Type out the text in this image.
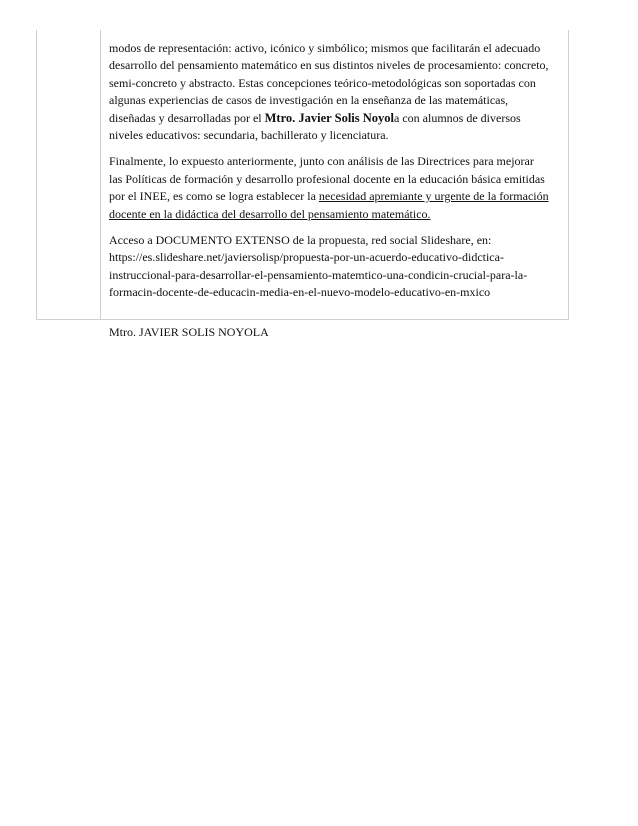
modos de representación: activo, icónico y simbólico; mismos que facilitarán el adecuado
desarrollo del pensamiento matemático en sus distintos niveles de procesamiento: concreto,
semi-concreto y abstracto. Estas concepciones teórico-metodológicas son soportadas con
algunas experiencias de casos de investigación en la enseñanza de las matemáticas,
diseñadas y desarrolladas por el Mtro. Javier Solis Noyola con alumnos de diversos
niveles educativos: secundaria, bachillerato y licenciatura.
Finalmente, lo expuesto anteriormente, junto con análisis de las Directrices para mejorar
las Políticas de formación y desarrollo profesional docente en la educación básica emitidas
por el INEE, es como se logra establecer la necesidad apremiante y urgente de la formación
docente en la didáctica del desarrollo del pensamiento matemático.
Acceso a DOCUMENTO EXTENSO de la propuesta, red social Slideshare, en:
https://es.slideshare.net/javiersolisp/propuesta-por-un-acuerdo-educativo-didctica-
instruccional-para-desarrollar-el-pensamiento-matemtico-una-condicin-crucial-para-la-
formacin-docente-de-educacin-media-en-el-nuevo-modelo-educativo-en-mxico
Mtro. JAVIER SOLIS NOYOLA
